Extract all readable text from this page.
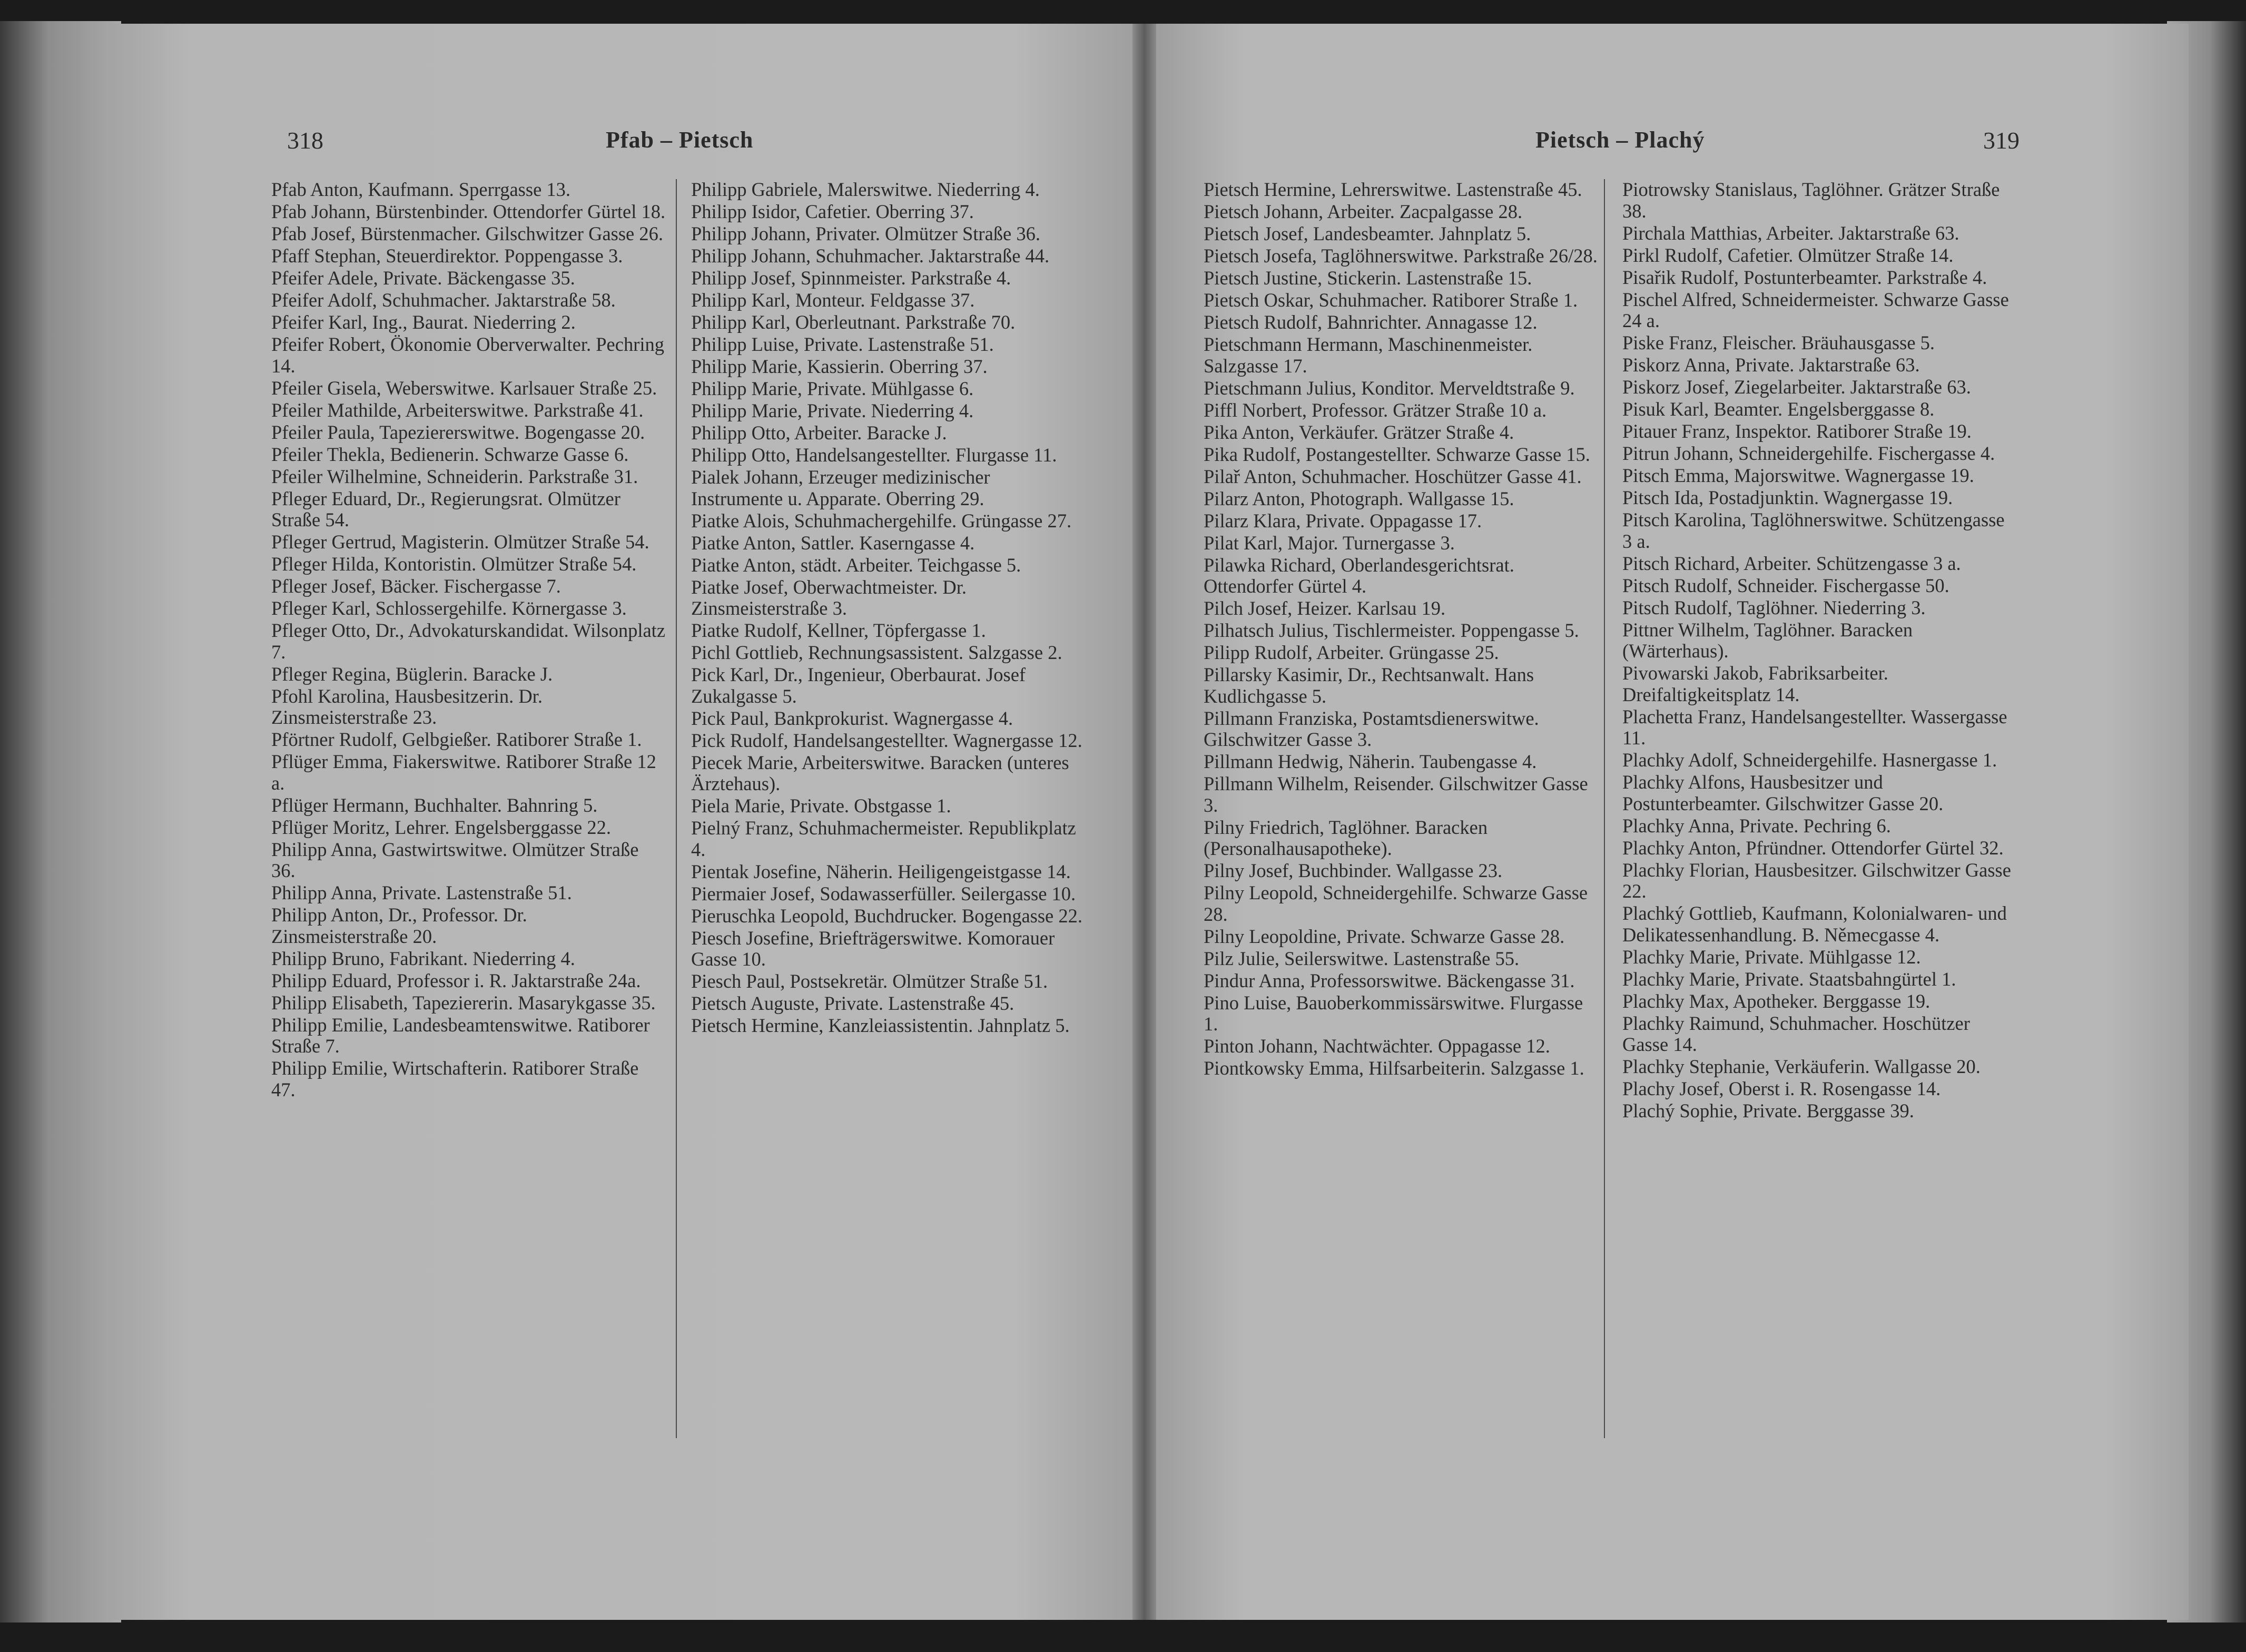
318	Pfab – Pietsch	Pietsch – Plachý	319
Pfab Anton, Kaufmann. Sperrgasse 13.
Pfab Johann, Bürstenbinder. Ottendorfer Gürtel 18.
Pfab Josef, Bürstenmacher. Gilschwitzer Gasse 26.
Pfaff Stephan, Steuerdirektor. Poppengasse 3.
Pfeifer Adele, Private. Bäckengasse 35.
Pfeifer Adolf, Schuhmacher. Jaktarstraße 58.
Pfeifer Karl, Ing., Baurat. Niederring 2.
Pfeifer Robert, Ökonomie Oberverwalter. Pechring 14.
Pfeiler Gisela, Weberswitwe. Karlsauer Straße 25.
Pfeiler Mathilde, Arbeiterswitwe. Parkstraße 41.
Pfeiler Paula, Tapeziererswitwe. Bogengasse 20.
Pfeiler Thekla, Bedienerin. Schwarze Gasse 6.
Pfeiler Wilhelmine, Schneiderin. Parkstraße 31.
Pfleger Eduard, Dr., Regierungsrat. Olmützer Straße 54.
Pfleger Gertrud, Magisterin. Olmützer Straße 54.
Pfleger Hilda, Kontoristin. Olmützer Straße 54.
Pfleger Josef, Bäcker. Fischergasse 7.
Pfleger Karl, Schlossergehilfe. Körnergasse 3.
Pfleger Otto, Dr., Advokaturskandidat. Wilsonplatz 7.
Pfleger Regina, Büglerin. Baracke J.
Pfohl Karolina, Hausbesitzerin. Dr. Zinsmeisterstraße 23.
Pförtner Rudolf, Gelbgießer. Ratiborer Straße 1.
Pflüger Emma, Fiakerswitwe. Ratiborer Straße 12 a.
Pflüger Hermann, Buchhalter. Bahnring 5.
Pflüger Moritz, Lehrer. Engelsberggasse 22.
Philipp Anna, Gastwirtswitwe. Olmützer Straße 36.
Philipp Anna, Private. Lastenstraße 51.
Philipp Anton, Dr., Professor. Dr. Zinsmeisterstraße 20.
Philipp Bruno, Fabrikant. Niederring 4.
Philipp Eduard, Professor i. R. Jaktarstraße 24a.
Philipp Elisabeth, Tapeziererin. Masarykgasse 35.
Philipp Emilie, Landesbeamtenswitwe. Ratiborer Straße 7.
Philipp Emilie, Wirtschafterin. Ratiborer Straße 47.
Philipp Gabriele, Malerswitwe. Niederring 4.
Philipp Isidor, Cafetier. Oberring 37.
Philipp Johann, Privater. Olmützer Straße 36.
Philipp Johann, Schuhmacher. Jaktarstraße 44.
Philipp Josef, Spinnmeister. Parkstraße 4.
Philipp Karl, Monteur. Feldgasse 37.
Philipp Karl, Oberleutnant. Parkstraße 70.
Philipp Luise, Private. Lastenstraße 51.
Philipp Marie, Kassierin. Oberring 37.
Philipp Marie, Private. Mühlgasse 6.
Philipp Marie, Private. Niederring 4.
Philipp Otto, Arbeiter. Baracke J.
Philipp Otto, Handelsangestellter. Flurgasse 11.
Pialek Johann, Erzeuger medizinischer Instrumente u. Apparate. Oberring 29.
Piatke Alois, Schuhmachergehilfe. Grüngasse 27.
Piatke Anton, Sattler. Kaserngasse 4.
Piatke Anton, städt. Arbeiter. Teichgasse 5.
Piatke Josef, Oberwachtmeister. Dr. Zinsmeisterstraße 3.
Piatke Rudolf, Kellner, Töpfergasse 1.
Pichl Gottlieb, Rechnungsassistent. Salzgasse 2.
Pick Karl, Dr., Ingenieur, Oberbaurat. Josef Zukalgasse 5.
Pick Paul, Bankprokurist. Wagnergasse 4.
Pick Rudolf, Handelsangestellter. Wagnergasse 12.
Piecek Marie, Arbeiterswitwe. Baracken (unteres Ärztehaus).
Piela Marie, Private. Obstgasse 1.
Pielný Franz, Schuhmachermeister. Republikplatz 4.
Pientak Josefine, Näherin. Heiligengeistgasse 14.
Piermaier Josef, Sodawasserfüller. Seilergasse 10.
Pieruschka Leopold, Buchdrucker. Bogengasse 22.
Piesch Josefine, Briefträgerswitwe. Komorauer Gasse 10.
Piesch Paul, Postsekretär. Olmützer Straße 51.
Pietsch Auguste, Private. Lastenstraße 45.
Pietsch Hermine, Kanzleiassistentin. Jahnplatz 5.
Pietsch Hermine, Lehrerswitwe. Lastenstraße 45.
Pietsch Johann, Arbeiter. Zacpalgasse 28.
Pietsch Josef, Landesbeamter. Jahnplatz 5.
Pietsch Josefa, Taglöhnerswitwe. Parkstraße 26/28.
Pietsch Justine, Stickerin. Lastenstraße 15.
Pietsch Oskar, Schuhmacher. Ratiborer Straße 1.
Pietsch Rudolf, Bahnrichter. Annagasse 12.
Pietschmann Hermann, Maschinenmeister. Salzgasse 17.
Pietschmann Julius, Konditor. Merveldtstraße 9.
Piffl Norbert, Professor. Grätzer Straße 10 a.
Pika Anton, Verkäufer. Grätzer Straße 4.
Pika Rudolf, Postangestellter. Schwarze Gasse 15.
Pilař Anton, Schuhmacher. Hoschützer Gasse 41.
Pilarz Anton, Photograph. Wallgasse 15.
Pilarz Klara, Private. Oppagasse 17.
Pilat Karl, Major. Turnergasse 3.
Pilawka Richard, Oberlandesgerichtsrat. Ottendorfer Gürtel 4.
Pilch Josef, Heizer. Karlsau 19.
Pilhatsch Julius, Tischlermeister. Poppengasse 5.
Pilipp Rudolf, Arbeiter. Grüngasse 25.
Pillarsky Kasimir, Dr., Rechtsanwalt. Hans Kudlichgasse 5.
Pillmann Franziska, Postamtsdienerswitwe. Gilschwitzer Gasse 3.
Pillmann Hedwig, Näherin. Taubengasse 4.
Pillmann Wilhelm, Reisender. Gilschwitzer Gasse 3.
Pilny Friedrich, Taglöhner. Baracken (Personalhausapotheke).
Pilny Josef, Buchbinder. Wallgasse 23.
Pilny Leopold, Schneidergehilfe. Schwarze Gasse 28.
Pilny Leopoldine, Private. Schwarze Gasse 28.
Pilz Julie, Seilerswitwe. Lastenstraße 55.
Pindur Anna, Professorswitwe. Bäckengasse 31.
Pino Luise, Bauoberkommissärswitwe. Flurgasse 1.
Pinton Johann, Nachtwächter. Oppagasse 12.
Piontkowsky Emma, Hilfsarbeiterin. Salzgasse 1.
Piotrowsky Stanislaus, Taglöhner. Grätzer Straße 38.
Pirchala Matthias, Arbeiter. Jaktarstraße 63.
Pirkl Rudolf, Cafetier. Olmützer Straße 14.
Pisařik Rudolf, Postunterbeamter. Parkstraße 4.
Pischel Alfred, Schneidermeister. Schwarze Gasse 24 a.
Piske Franz, Fleischer. Bräuhausgasse 5.
Piskorz Anna, Private. Jaktarstraße 63.
Piskorz Josef, Ziegelarbeiter. Jaktarstraße 63.
Pisuk Karl, Beamter. Engelsberggasse 8.
Pitauer Franz, Inspektor. Ratiborer Straße 19.
Pitrun Johann, Schneidergehilfe. Fischergasse 4.
Pitsch Emma, Majorswitwe. Wagnergasse 19.
Pitsch Ida, Postadjunktin. Wagnergasse 19.
Pitsch Karolina, Taglöhnerswitwe. Schützengasse 3 a.
Pitsch Richard, Arbeiter. Schützengasse 3 a.
Pitsch Rudolf, Schneider. Fischergasse 50.
Pitsch Rudolf, Taglöhner. Niederring 3.
Pittner Wilhelm, Taglöhner. Baracken (Wärterhaus).
Pivowarski Jakob, Fabriksarbeiter. Dreifaltigkeitsplatz 14.
Plachetta Franz, Handelsangestellter. Wassergasse 11.
Plachky Adolf, Schneidergehilfe. Hasnergasse 1.
Plachky Alfons, Hausbesitzer und Postunterbeamter. Gilschwitzer Gasse 20.
Plachky Anna, Private. Pechring 6.
Plachky Anton, Pfründner. Ottendorfer Gürtel 32.
Plachky Florian, Hausbesitzer. Gilschwitzer Gasse 22.
Plachký Gottlieb, Kaufmann, Kolonialwaren- und Delikatessenhandlung. B. Němecgasse 4.
Plachky Marie, Private. Mühlgasse 12.
Plachky Marie, Private. Staatsbahngürtel 1.
Plachky Max, Apotheker. Berggasse 19.
Plachky Raimund, Schuhmacher. Hoschützer Gasse 14.
Plachky Stephanie, Verkäuferin. Wallgasse 20.
Plachy Josef, Oberst i. R. Rosengasse 14.
Plachý Sophie, Private. Berggasse 39.
